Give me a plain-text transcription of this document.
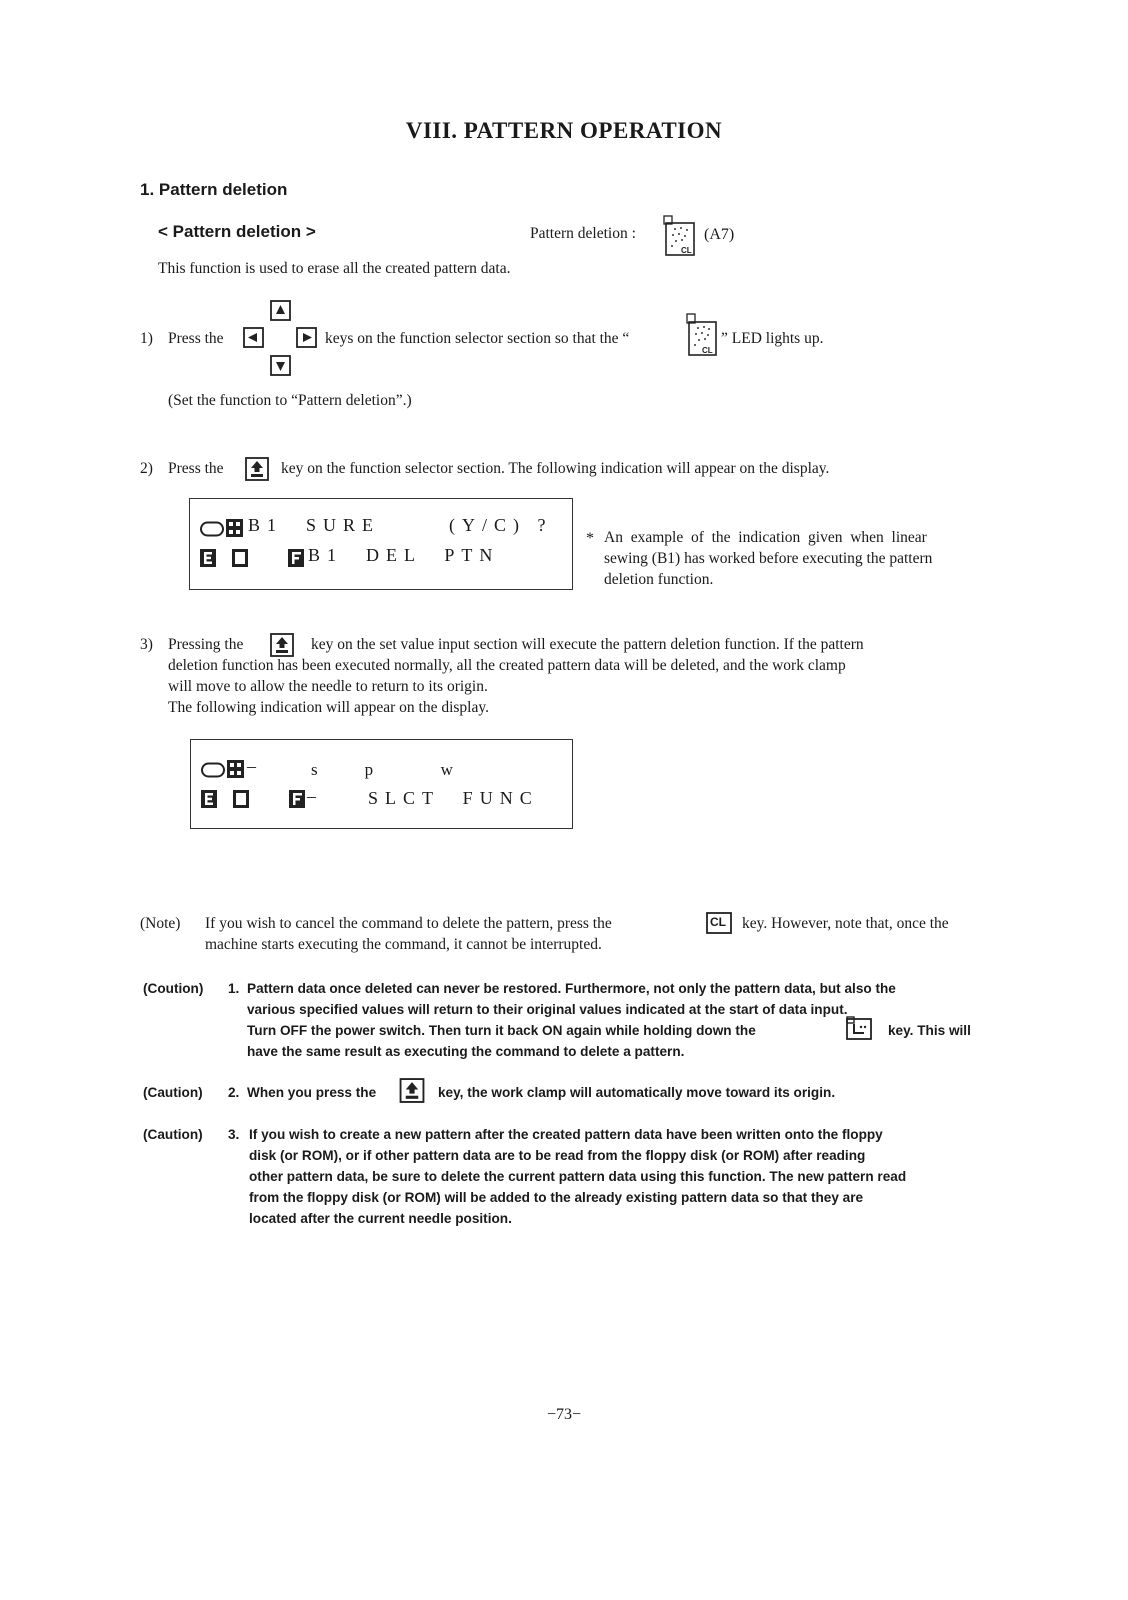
VIII. PATTERN OPERATION
1. Pattern deletion
< Pattern deletion >	Pattern deletion :
CL
(A7)
This function is used to erase all the created pattern data.
1) Press the	keys on the function selector section so that the “
CL
” LED lights up.
(Set the function to “Pattern deletion”.)
2) Press the	key on the function selector section. The following indication will appear on the display.
B1  SURE      (Y/C) ?
B1  DEL  PTN
* An  example  of  the  indication  given  when  linear
sewing (B1) has worked before executing the pattern
deletion function.
3) Pressing the	key on the set value input section will execute the pattern deletion function. If the pattern
deletion function has been executed normally, all the created pattern data will be deleted, and the work clamp
will move to allow the needle to return to its origin.
The following indication will appear on the display.
–	s    p      w
–	SLCT  FUNC
(Note) If you wish to cancel the command to delete the pattern, press the	CL key. However, note that, once the
machine starts executing the command, it cannot be interrupted.
(Coution) 1. Pattern data once deleted can never be restored. Furthermore, not only the pattern data, but also the
various specified values will return to their original values indicated at the start of data input.
Turn OFF the power switch. Then turn it back ON again while holding down the	key. This will
have the same result as executing the command to delete a pattern.
(Caution) 2. When you press the	key, the work clamp will automatically move toward its origin.
(Caution) 3. If you wish to create a new pattern after the created pattern data have been written onto the floppy
disk (or ROM), or if other pattern data are to be read from the floppy disk (or ROM) after reading
other pattern data, be sure to delete the current pattern data using this function. The new pattern read
from the floppy disk (or ROM) will be added to the already existing pattern data so that they are
located after the current needle position.
−73−
